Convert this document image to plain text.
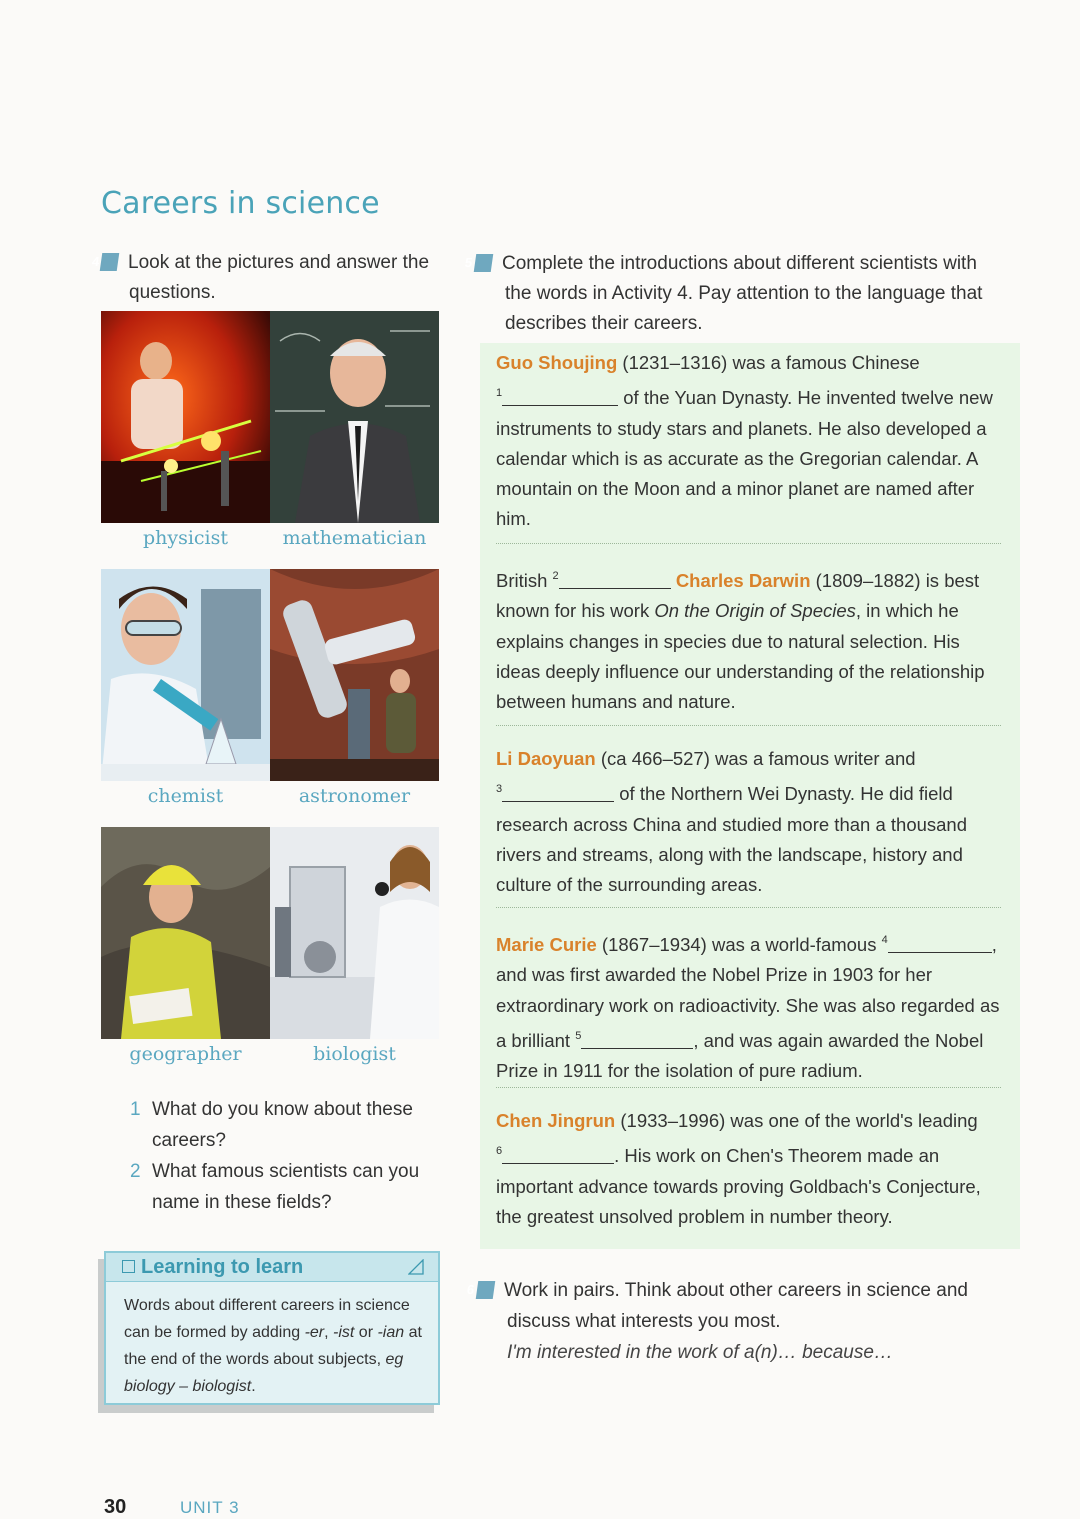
Careers in science
4 Look at the pictures and answer the questions.
physicist	mathematician
chemist	astronomer
geographer	biologist
1 What do you know about these careers?
2 What famous scientists can you name in these fields?
Learning to learn
Words about different careers in science can be formed by adding -er, -ist or -ian at the end of the words about subjects, eg biology – biologist.
5 Complete the introductions about different scientists with the words in Activity 4. Pay attention to the language that describes their careers.
Guo Shoujing (1231–1316) was a famous Chinese
$^1$	of the Yuan Dynasty. He invented twelve new instruments to study stars and planets. He also developed a calendar which is as accurate as the Gregorian calendar. A mountain on the Moon and a minor planet are named after him.
British $^2$	Charles Darwin (1809–1882) is best known for his work On the Origin of Species, in which he explains changes in species due to natural selection. His ideas deeply influence our understanding of the relationship between humans and nature.
Li Daoyuan (ca 466–527) was a famous writer and
$^3$	of the Northern Wei Dynasty. He did field research across China and studied more than a thousand rivers and streams, along with the landscape, history and culture of the surrounding areas.
Marie Curie (1867–1934) was a world-famous $^4$	, and was first awarded the Nobel Prize in 1903 for her extraordinary work on radioactivity. She was also regarded as a brilliant $^5$	, and was again awarded the Nobel Prize in 1911 for the isolation of pure radium.
Chen Jingrun (1933–1996) was one of the world's leading
$^6$	. His work on Chen's Theorem made an important advance towards proving Goldbach's Conjecture, the greatest unsolved problem in number theory.
6 Work in pairs. Think about other careers in science and discuss what interests you most.
I'm interested in the work of a(n)… because…
30	UNIT 3
